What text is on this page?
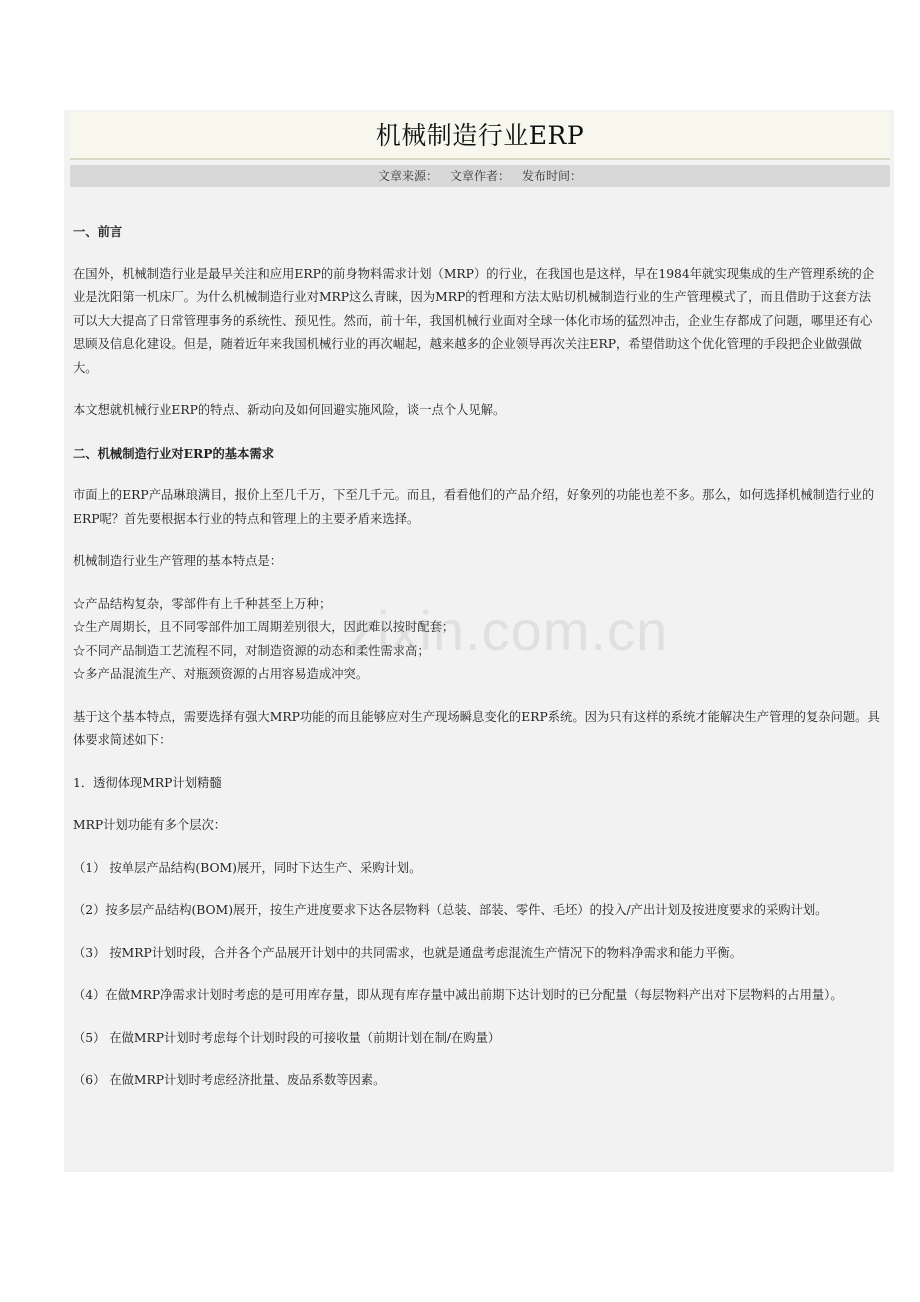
机械制造行业ERP
文章来源： 文章作者： 发布时间：
一、前言

在国外，机械制造行业是最早关注和应用ERP的前身物料需求计划（MRP）的行业，在我国也是这样，早在1984年就实现集成的生产管理系统的企业是沈阳第一机床厂。为什么机械制造行业对MRP这么青睐，因为MRP的哲理和方法太贴切机械制造行业的生产管理模式了，而且借助于这套方法可以大大提高了日常管理事务的系统性、预见性。然而，前十年，我国机械行业面对全球一体化市场的猛烈冲击，企业生存都成了问题，哪里还有心思顾及信息化建设。但是，随着近年来我国机械行业的再次崛起，越来越多的企业领导再次关注ERP，希望借助这个优化管理的手段把企业做强做大。

本文想就机械行业ERP的特点、新动向及如何回避实施风险，谈一点个人见解。

二、机械制造行业对ERP的基本需求

市面上的ERP产品琳琅满目，报价上至几千万，下至几千元。而且，看看他们的产品介绍，好象列的功能也差不多。那么，如何选择机械制造行业的ERP呢？首先要根据本行业的特点和管理上的主要矛盾来选择。

机械制造行业生产管理的基本特点是：

☆产品结构复杂，零部件有上千种甚至上万种；
☆生产周期长，且不同零部件加工周期差别很大，因此难以按时配套；
☆不同产品制造工艺流程不同，对制造资源的动态和柔性需求高；
☆多产品混流生产、对瓶颈资源的占用容易造成冲突。

基于这个基本特点，需要选择有强大MRP功能的而且能够应对生产现场瞬息变化的ERP系统。因为只有这样的系统才能解决生产管理的复杂问题。具体要求简述如下：

1．透彻体现MRP计划精髓

MRP计划功能有多个层次：

（1） 按单层产品结构(BOM)展开，同时下达生产、采购计划。

（2）按多层产品结构(BOM)展开，按生产进度要求下达各层物料（总装、部装、零件、毛坯）的投入/产出计划及按进度要求的采购计划。

（3） 按MRP计划时段，合并各个产品展开计划中的共同需求，也就是通盘考虑混流生产情况下的物料净需求和能力平衡。

（4）在做MRP净需求计划时考虑的是可用库存量，即从现有库存量中减出前期下达计划时的已分配量（每层物料产出对下层物料的占用量）。

（5） 在做MRP计划时考虑每个计划时段的可接收量（前期计划在制/在购量）

（6） 在做MRP计划时考虑经济批量、废品系数等因素。

zixin.com.cn
